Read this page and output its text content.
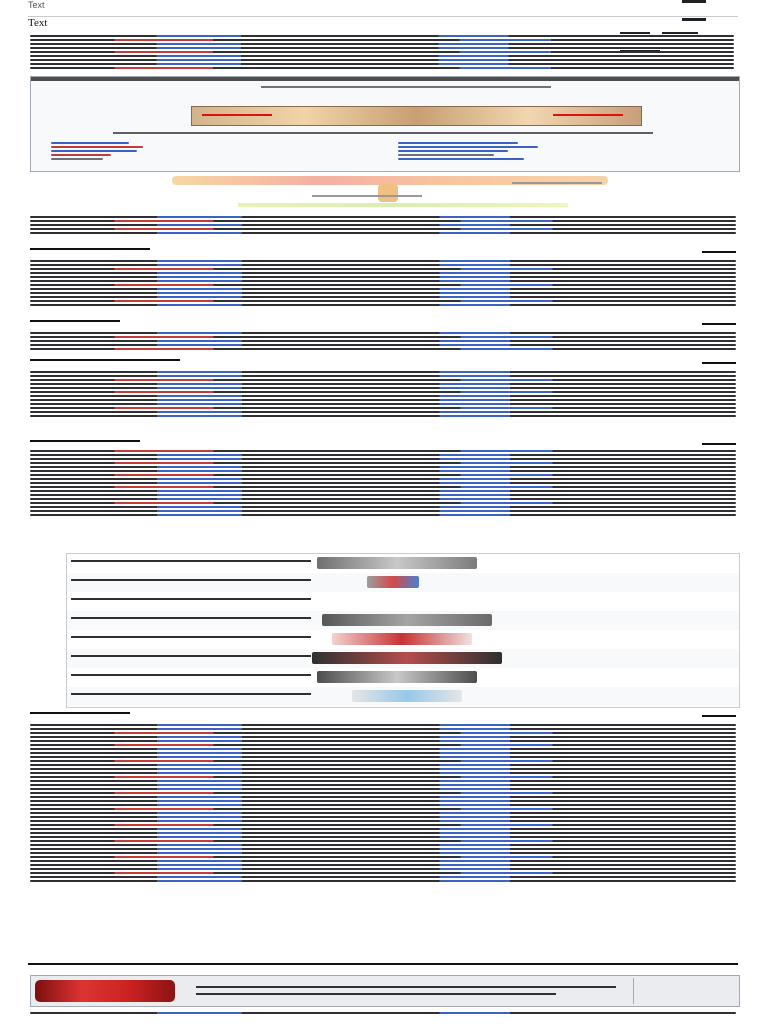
Text

Text
